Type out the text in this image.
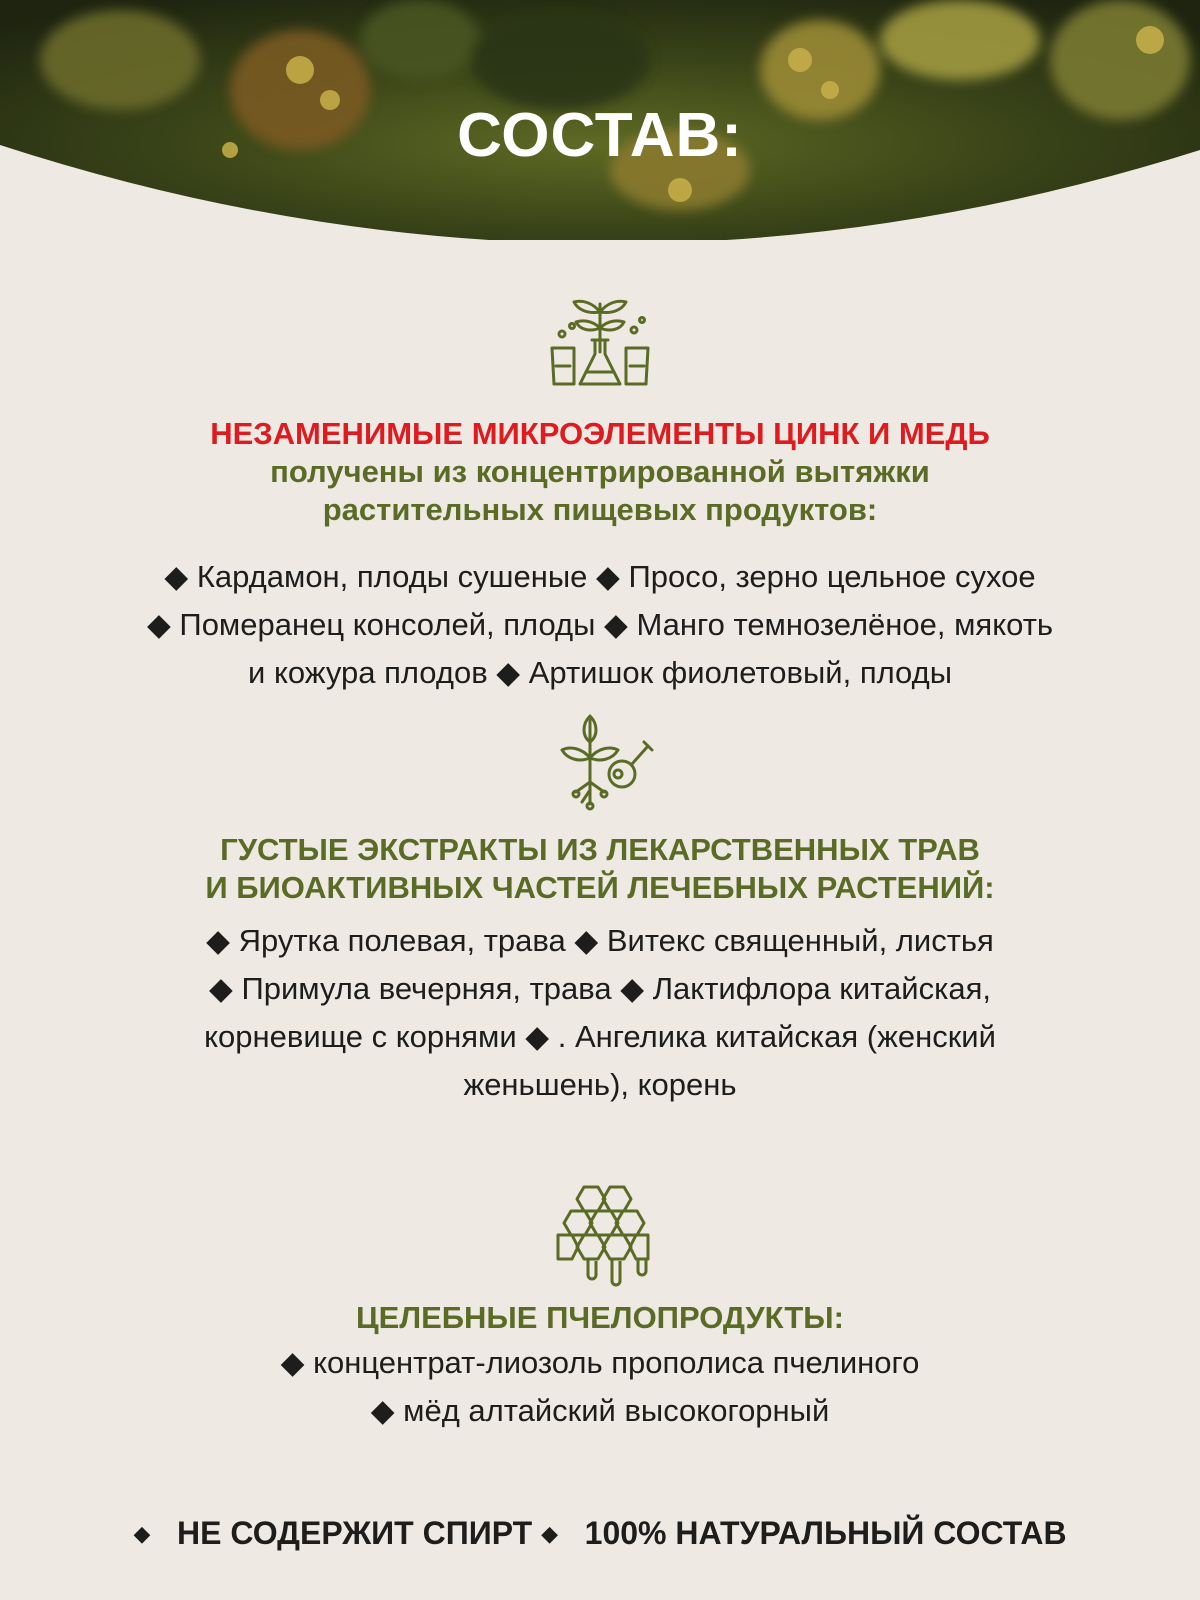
СОСТАВ:
НЕЗАМЕНИМЫЕ МИКРОЭЛЕМЕНТЫ ЦИНК И МЕДЬ
получены из концентрированной вытяжки
растительных пищевых продуктов:
◆ Кардамон, плоды сушеные ◆ Просо, зерно цельное сухое
◆ Померанец консолей, плоды ◆ Манго темнозелёное, мякоть
и кожура плодов ◆ Артишок фиолетовый, плоды
ГУСТЫЕ ЭКСТРАКТЫ ИЗ ЛЕКАРСТВЕННЫХ ТРАВ
И БИОАКТИВНЫХ ЧАСТЕЙ ЛЕЧЕБНЫХ РАСТЕНИЙ:
◆ Ярутка полевая, трава ◆ Витекс священный, листья
◆ Примула вечерняя, трава ◆ Лактифлора китайская,
корневище с корнями ◆ . Ангелика китайская (женский
женьшень), корень
ЦЕЛЕБНЫЕ ПЧЕЛОПРОДУКТЫ:
◆ концентрат-лиозоль прополиса пчелиного
◆ мёд алтайский высокогорный
◆ НЕ СОДЕРЖИТ СПИРТ ◆ 100% НАТУРАЛЬНЫЙ СОСТАВ
